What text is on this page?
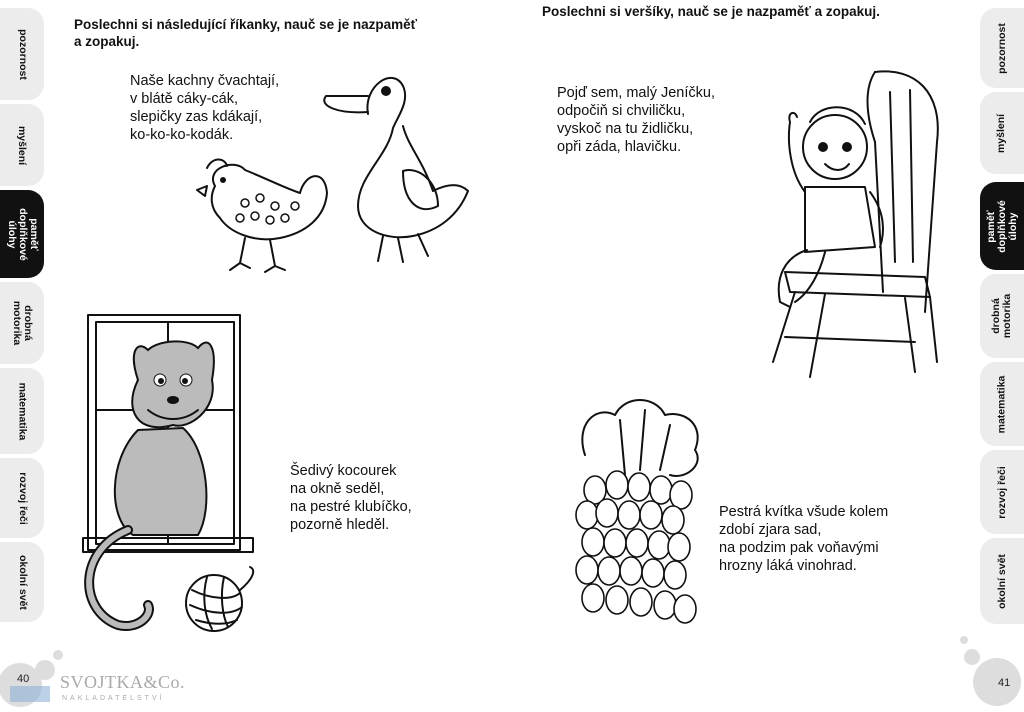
pozornost
myšlení
paměť
doplňkové
úlohy
drobná
motorika
matematika
rozvoj řeči
okolní svět
pozornost
myšlení
paměť
doplňkové
úlohy
drobná
motorika
matematika
rozvoj řeči
okolní svět
Poslechni si následující říkanky, nauč se je nazpaměť
a zopakuj.
Poslechni si veršíky, nauč se je nazpaměť a zopakuj.
Naše kachny čvachtají,
v blátě cáky-cák,
slepičky zas kdákají,
ko-ko-ko-kodák.
Šedivý kocourek
na okně seděl,
na pestré klubíčko,
pozorně hleděl.
Pojď sem, malý Jeníčku,
odpočiň si chviličku,
vyskoč na tu židličku,
opři záda, hlavičku.
Pestrá kvítka všude kolem
zdobí zjara sad,
na podzim pak voňavými
hrozny láká vinohrad.
40 SVOJTKA&Co.
NAKLADATELSTVÍ
41
